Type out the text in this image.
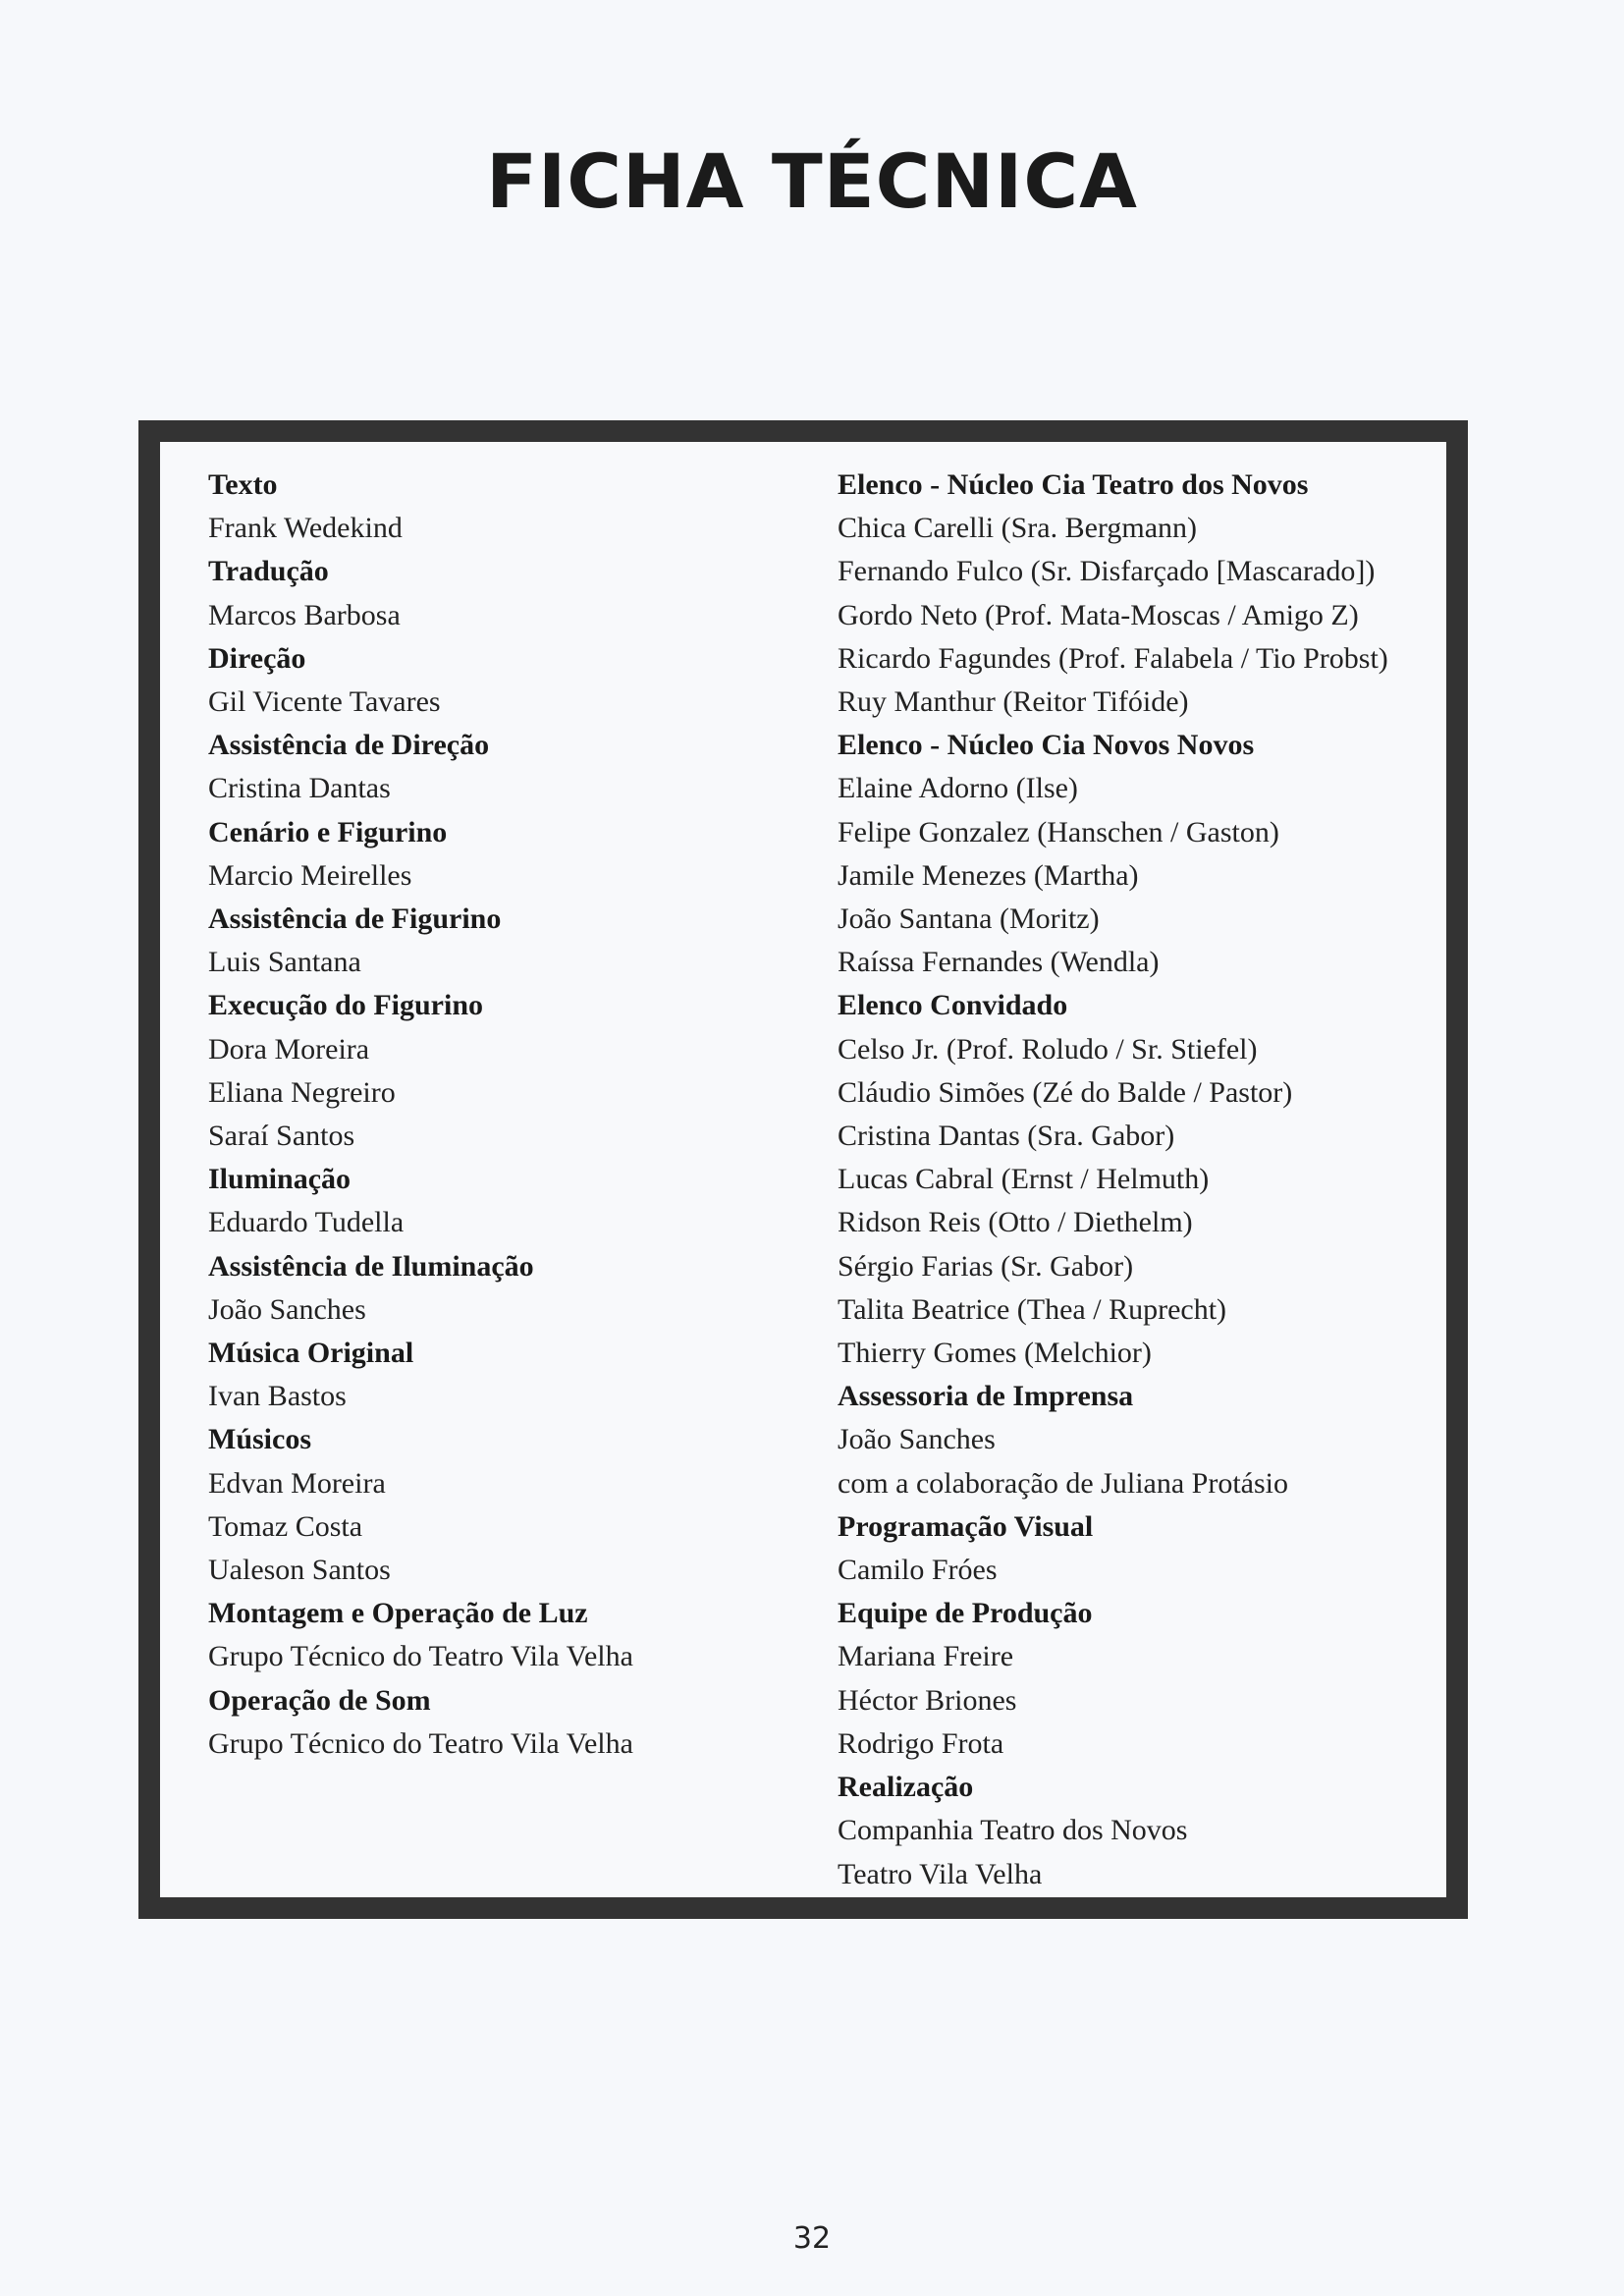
FICHA TÉCNICA
Texto
Frank Wedekind
Tradução
Marcos Barbosa
Direção
Gil Vicente Tavares
Assistência de Direção
Cristina Dantas
Cenário e Figurino
Marcio Meirelles
Assistência de Figurino
Luis Santana
Execução do Figurino
Dora Moreira
Eliana Negreiro
Saraí Santos
Iluminação
Eduardo Tudella
Assistência de Iluminação
João Sanches
Música Original
Ivan Bastos
Músicos
Edvan Moreira
Tomaz Costa
Ualeson Santos
Montagem e Operação de Luz
Grupo Técnico do Teatro Vila Velha
Operação de Som
Grupo Técnico do Teatro Vila Velha
Elenco - Núcleo Cia Teatro dos Novos
Chica Carelli (Sra. Bergmann)
Fernando Fulco (Sr. Disfarçado [Mascarado])
Gordo Neto (Prof. Mata-Moscas / Amigo Z)
Ricardo Fagundes (Prof. Falabela / Tio Probst)
Ruy Manthur (Reitor Tifóide)
Elenco - Núcleo Cia Novos Novos
Elaine Adorno (Ilse)
Felipe Gonzalez (Hanschen / Gaston)
Jamile Menezes (Martha)
João Santana (Moritz)
Raíssa Fernandes (Wendla)
Elenco Convidado
Celso Jr. (Prof. Roludo / Sr. Stiefel)
Cláudio Simões (Zé do Balde / Pastor)
Cristina Dantas (Sra. Gabor)
Lucas Cabral (Ernst / Helmuth)
Ridson Reis (Otto / Diethelm)
Sérgio Farias (Sr. Gabor)
Talita Beatrice (Thea / Ruprecht)
Thierry Gomes (Melchior)
Assessoria de Imprensa
João Sanches
com a colaboração de Juliana Protásio
Programação Visual
Camilo Fróes
Equipe de Produção
Mariana Freire
Héctor Briones
Rodrigo Frota
Realização
Companhia Teatro dos Novos
Teatro Vila Velha
32
